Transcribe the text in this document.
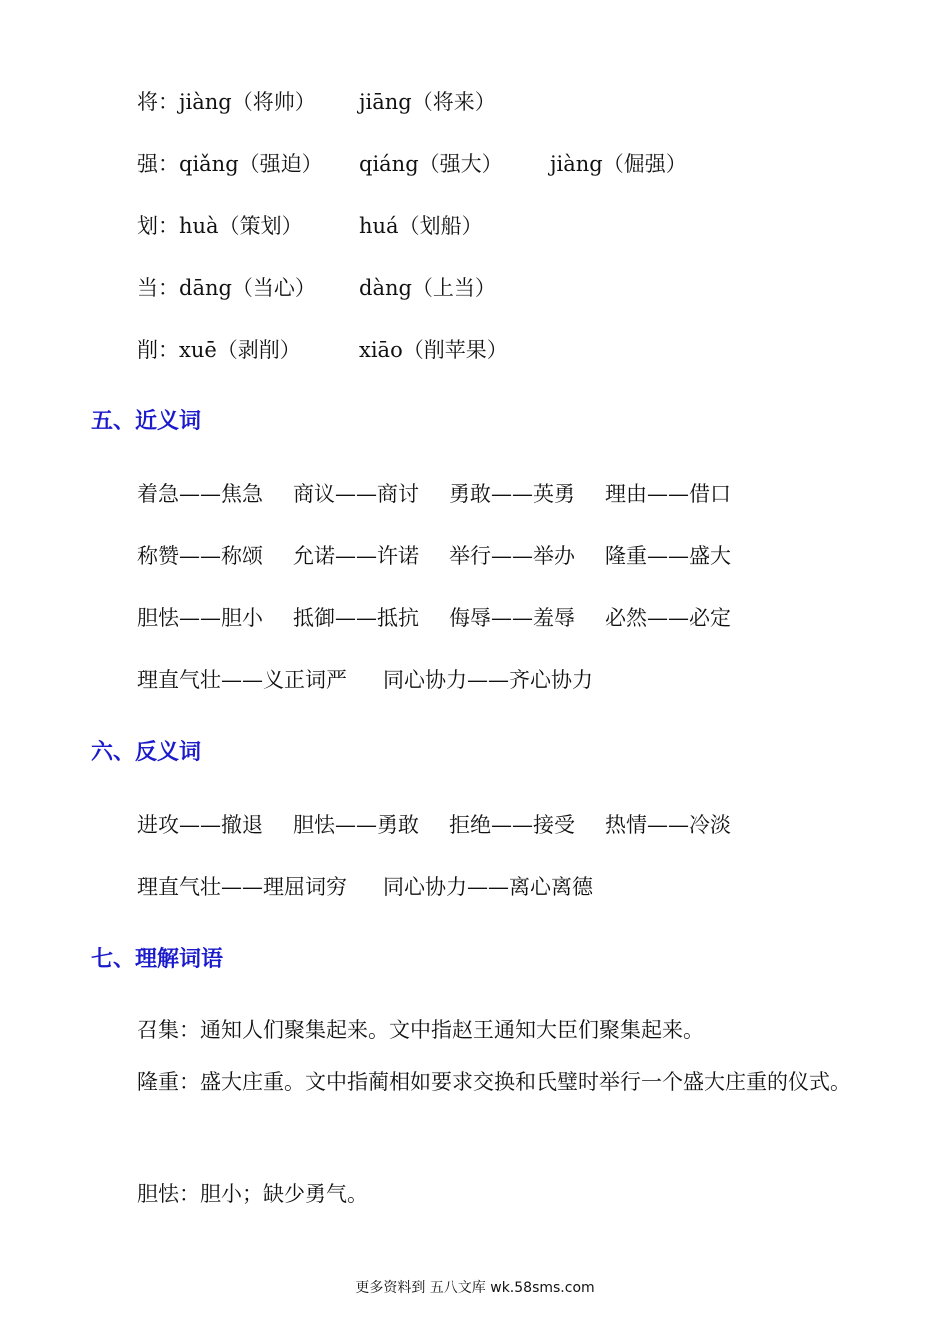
将：jiàng（将帅） jiāng（将来）
强：qiǎng（强迫） qiáng（强大） jiàng（倔强）
划：huà（策划）	huá（划船）
当：dāng（当心） dàng（上当）
削：xuē（剥削）	xiāo（削苹果）
五、近义词
着急——焦急 商议——商讨 勇敢——英勇 理由——借口
称赞——称颂 允诺——许诺 举行——举办 隆重——盛大
胆怯——胆小 抵御——抵抗 侮辱——羞辱 必然——必定
理直气壮——义正词严 同心协力——齐心协力
六、反义词
进攻——撤退 胆怯——勇敢 拒绝——接受 热情——冷淡
理直气壮——理屈词穷 同心协力——离心离德
七、理解词语

召集：通知人们聚集起来。文中指赵王通知大臣们聚集起来。

隆重：盛大庄重。文中指蔺相如要求交换和氏璧时举行一个盛大庄重的仪式。

胆怯：胆小；缺少勇气。

更多资料到 五八文库 wk.58sms.com
